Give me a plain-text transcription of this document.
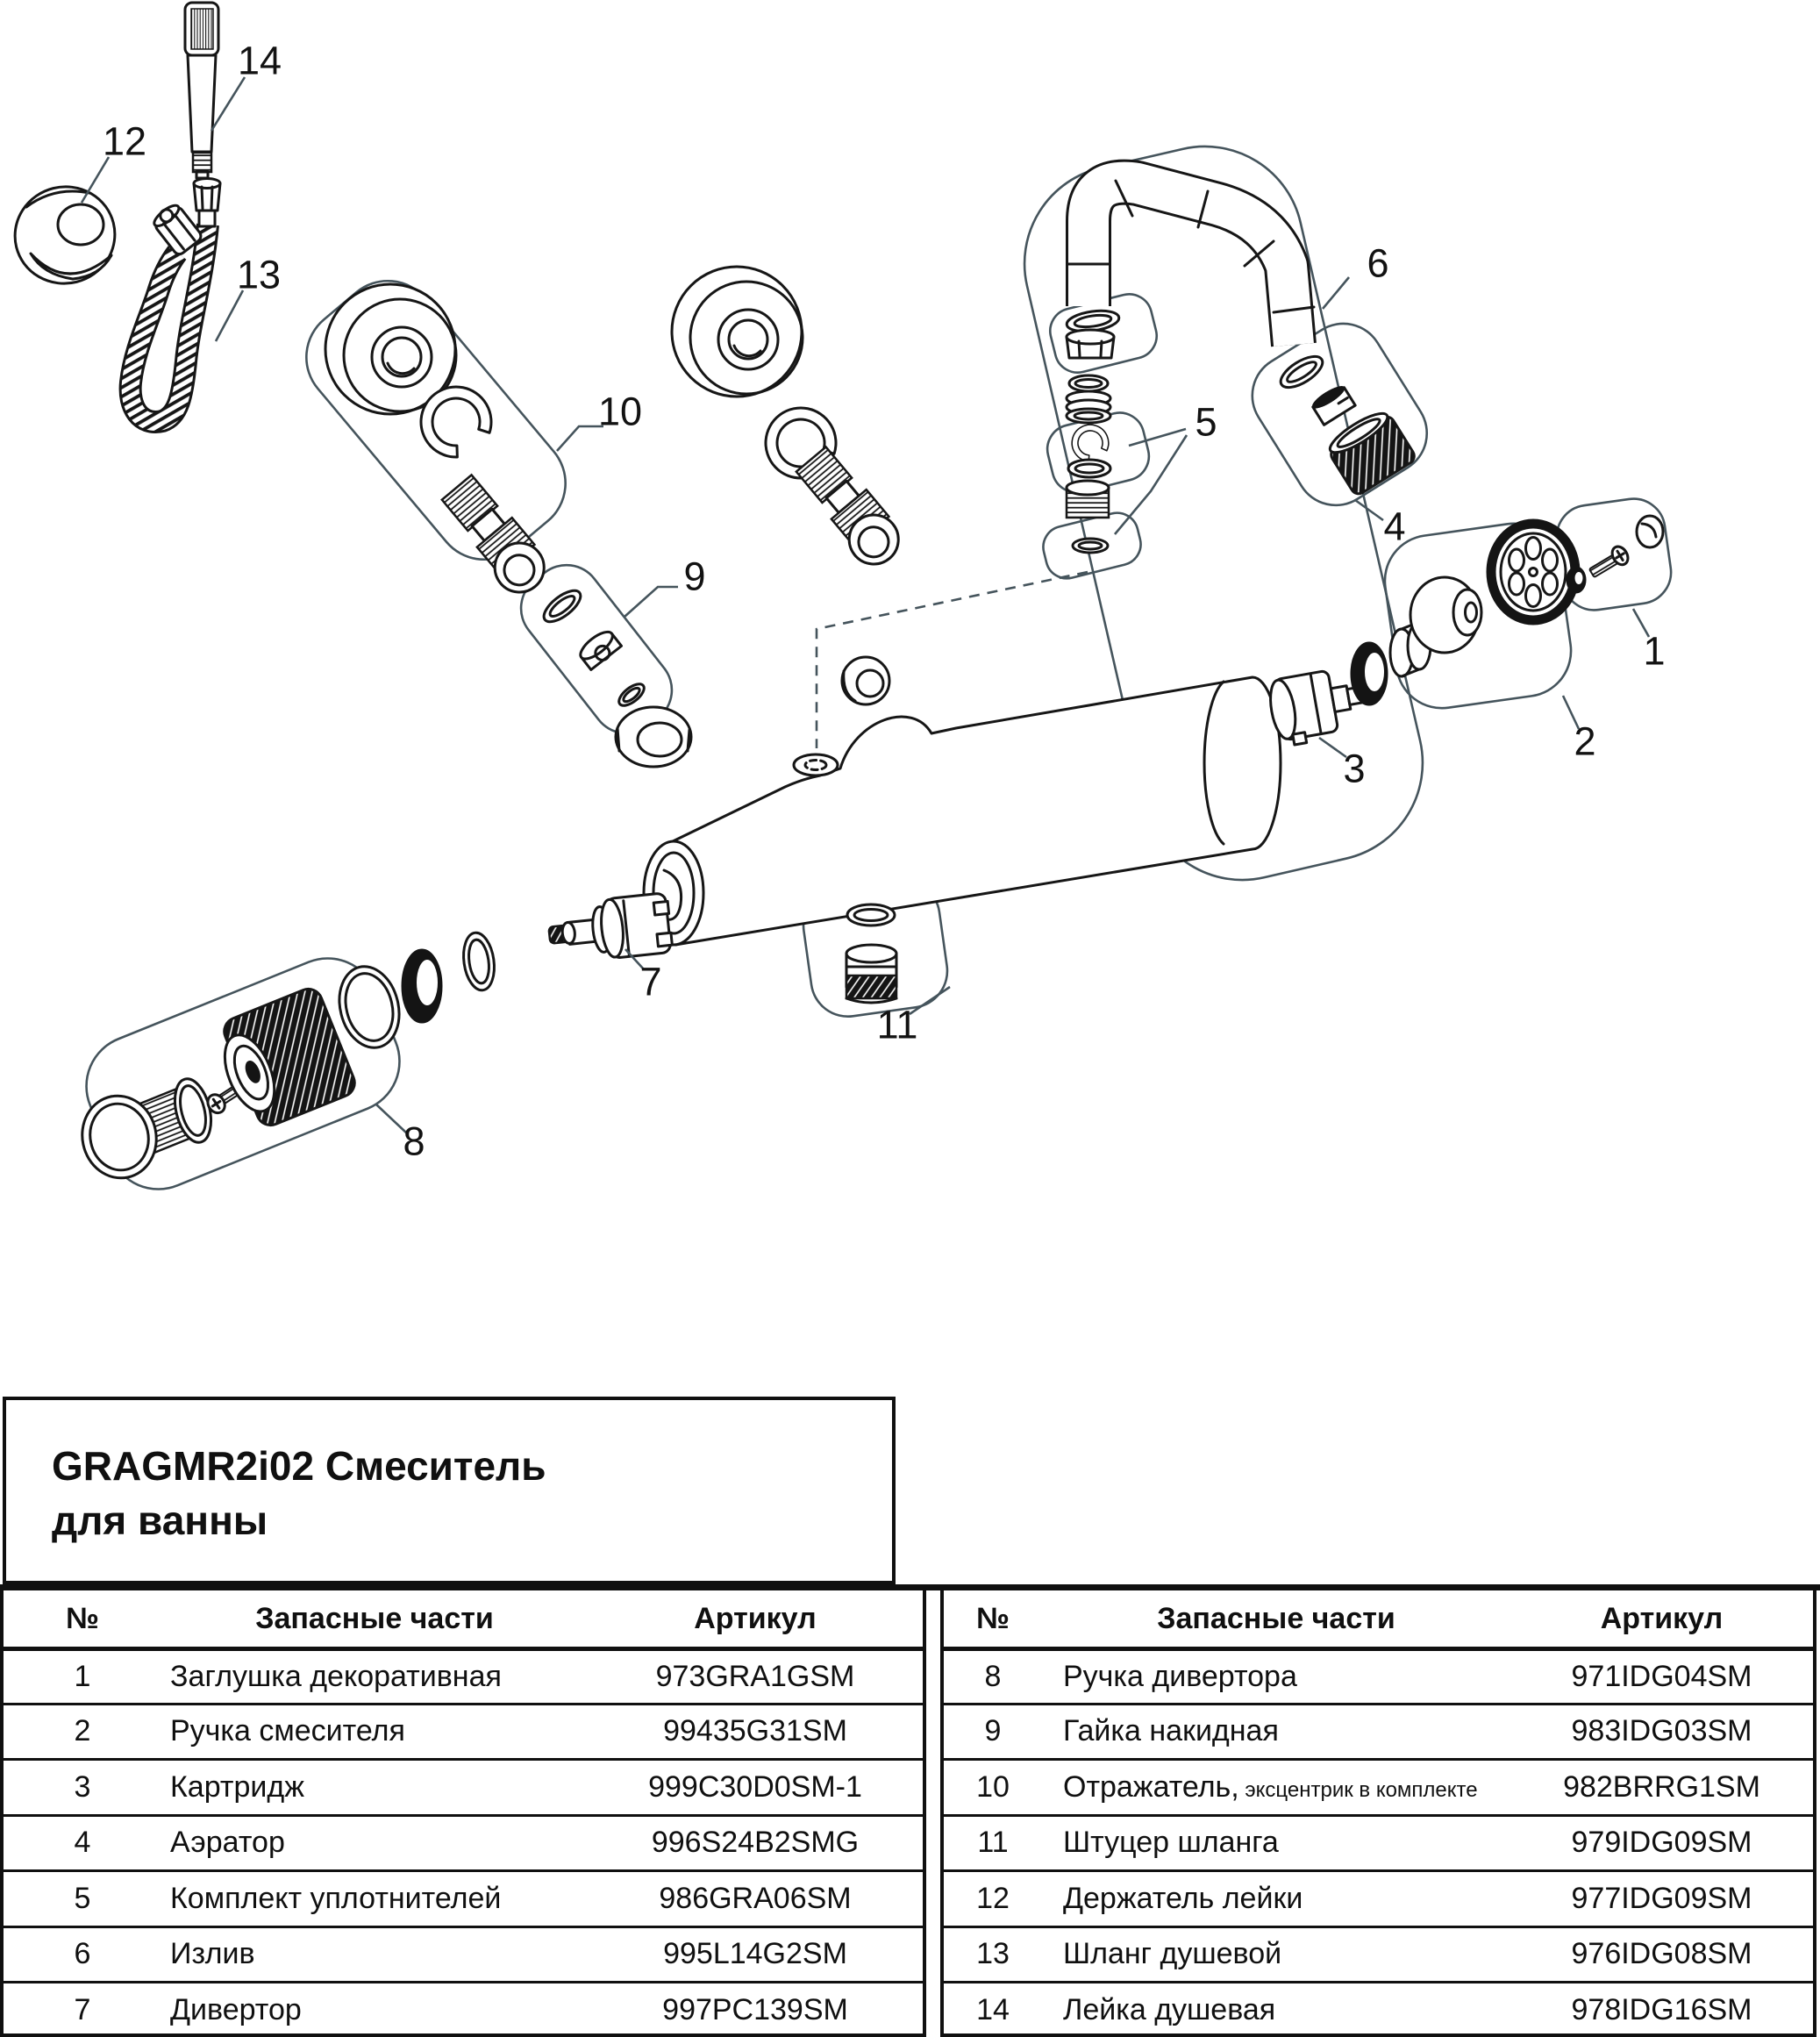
1
2
3
4
5
6
7
8
9
10
11
12
13
14
GRAGMR2i02 Смеситель
для ванны
№	Запасные части	Артикул
1	Заглушка декоративная	973GRA1GSM
2	Ручка смесителя	99435G31SM
3	Картридж	999C30D0SM-1
4	Аэратор	996S24B2SMG
5	Комплект уплотнителей	986GRA06SM
6	Излив	995L14G2SM
7	Дивертор	997PC139SM
№	Запасные части	Артикул
8	Ручка дивертора	971IDG04SM
9	Гайка накидная	983IDG03SM
10	Отражатель, эксцентрик в комплекте	982BRRG1SM
11	Штуцер шланга	979IDG09SM
12	Держатель лейки	977IDG09SM
13	Шланг душевой	976IDG08SM
14	Лейка душевая	978IDG16SM
